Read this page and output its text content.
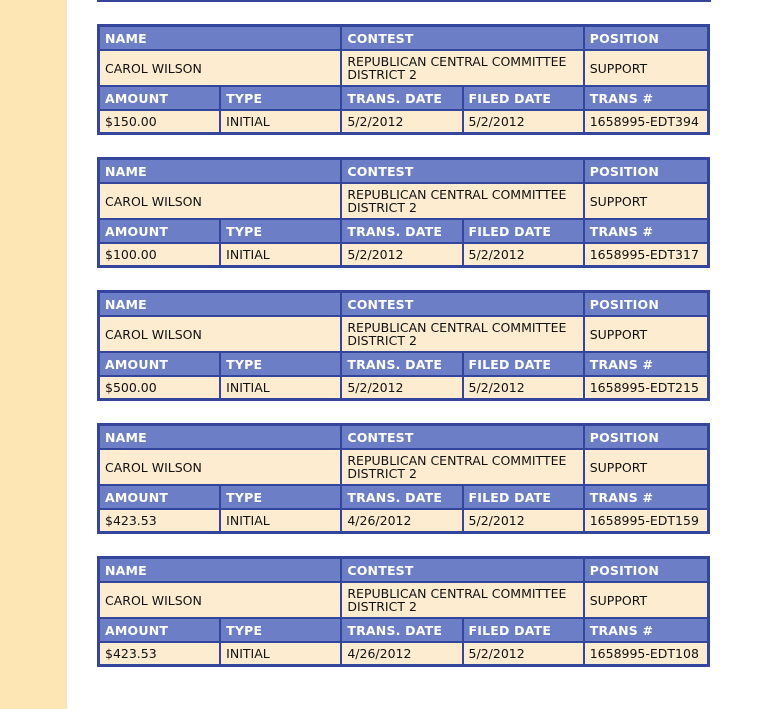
NAME		CONTEST		POSITION
CAROL WILSON		REPUBLICAN CENTRAL COMMITTEE DISTRICT 2		SUPPORT
AMOUNT	TYPE	TRANS. DATE	FILED DATE	TRANS #
$150.00	INITIAL	5/2/2012	5/2/2012	1658995-EDT394
NAME		CONTEST		POSITION
CAROL WILSON		REPUBLICAN CENTRAL COMMITTEE DISTRICT 2		SUPPORT
AMOUNT	TYPE	TRANS. DATE	FILED DATE	TRANS #
$100.00	INITIAL	5/2/2012	5/2/2012	1658995-EDT317
NAME		CONTEST		POSITION
CAROL WILSON		REPUBLICAN CENTRAL COMMITTEE DISTRICT 2		SUPPORT
AMOUNT	TYPE	TRANS. DATE	FILED DATE	TRANS #
$500.00	INITIAL	5/2/2012	5/2/2012	1658995-EDT215
NAME		CONTEST		POSITION
CAROL WILSON		REPUBLICAN CENTRAL COMMITTEE DISTRICT 2		SUPPORT
AMOUNT	TYPE	TRANS. DATE	FILED DATE	TRANS #
$423.53	INITIAL	4/26/2012	5/2/2012	1658995-EDT159
NAME		CONTEST		POSITION
CAROL WILSON		REPUBLICAN CENTRAL COMMITTEE DISTRICT 2		SUPPORT
AMOUNT	TYPE	TRANS. DATE	FILED DATE	TRANS #
$423.53	INITIAL	4/26/2012	5/2/2012	1658995-EDT108
